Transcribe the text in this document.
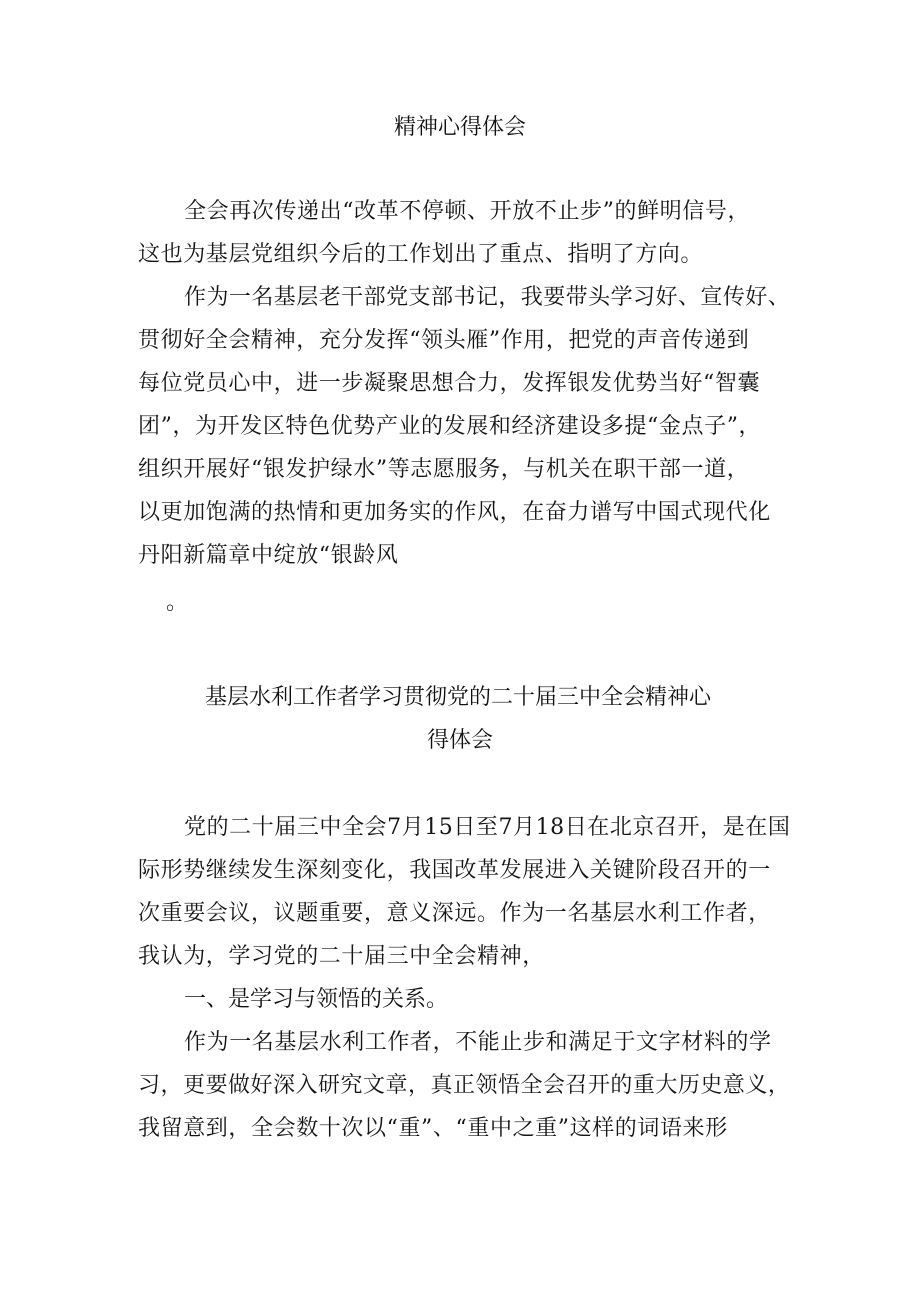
精神心得体会
全会再次传递出“改革不停顿、开放不止步”的鲜明信号，
这也为基层党组织今后的工作划出了重点、指明了方向。
作为一名基层老干部党支部书记，我要带头学习好、宣传好、
贯彻好全会精神，充分发挥“领头雁”作用，把党的声音传递到
每位党员心中，进一步凝聚思想合力，发挥银发优势当好“智囊
团”，为开发区特色优势产业的发展和经济建设多提“金点子”，
组织开展好“银发护绿水”等志愿服务，与机关在职干部一道，
以更加饱满的热情和更加务实的作风，在奋力谱写中国式现代化
丹阳新篇章中绽放“银龄风
。
基层水利工作者学习贯彻党的二十届三中全会精神心
得体会
党的二十届三中全会7月15日至7月18日在北京召开，是在国
际形势继续发生深刻变化，我国改革发展进入关键阶段召开的一
次重要会议，议题重要，意义深远。作为一名基层水利工作者，
我认为，学习党的二十届三中全会精神，
一、是学习与领悟的关系。
作为一名基层水利工作者，不能止步和满足于文字材料的学
习，更要做好深入研究文章，真正领悟全会召开的重大历史意义，
我留意到，全会数十次以“重”、“重中之重”这样的词语来形
